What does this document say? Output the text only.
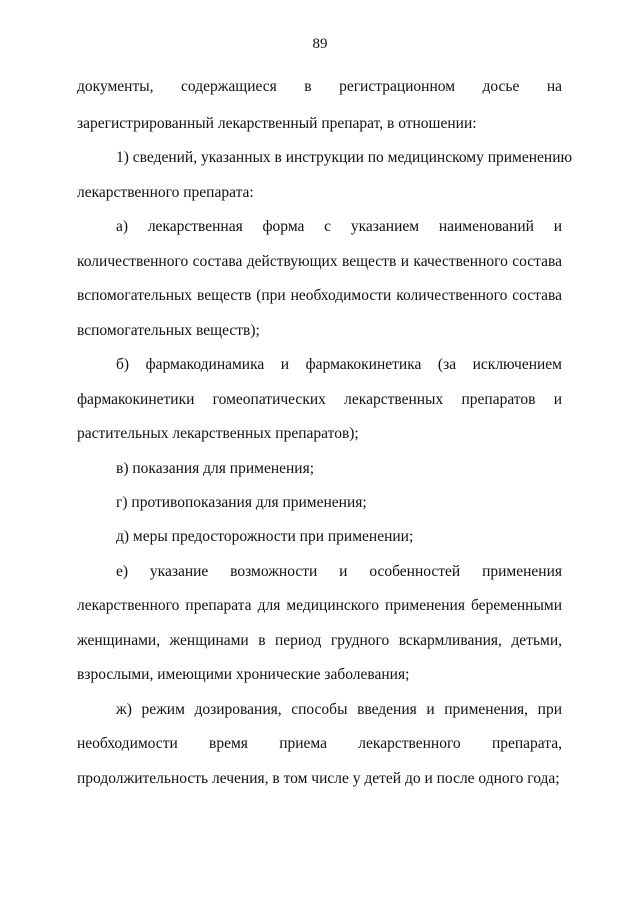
89
документы, содержащиеся в регистрационном досье на
зарегистрированный лекарственный препарат, в отношении:
1) сведений, указанных в инструкции по медицинскому применению
лекарственного препарата:
а) лекарственная форма с указанием наименований и
количественного состава действующих веществ и качественного состава
вспомогательных веществ (при необходимости количественного состава
вспомогательных веществ);
б) фармакодинамика и фармакокинетика (за исключением
фармакокинетики гомеопатических лекарственных препаратов и
растительных лекарственных препаратов);
в) показания для применения;
г) противопоказания для применения;
д) меры предосторожности при применении;
е) указание возможности и особенностей применения
лекарственного препарата для медицинского применения беременными
женщинами, женщинами в период грудного вскармливания, детьми,
взрослыми, имеющими хронические заболевания;
ж) режим дозирования, способы введения и применения, при
необходимости время приема лекарственного препарата,
продолжительность лечения, в том числе у детей до и после одного года;
